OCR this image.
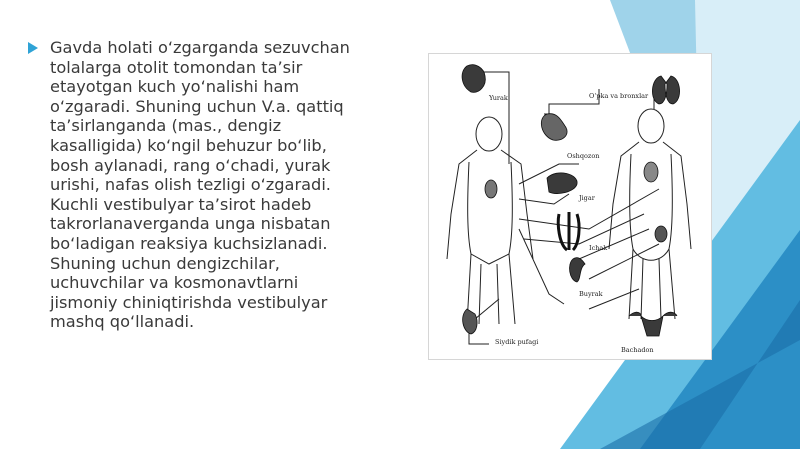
Gavda holati o‘zgarganda sezuvchan
tolalarga otolit tomondan ta’sir
etayotgan kuch yo‘nalishi ham
o‘zgaradi. Shuning uchun V.a. qattiq
ta’sirlanganda (mas., dengiz
kasalligida) ko‘ngil behuzur bo‘lib,
bosh aylanadi, rang o‘chadi, yurak
urishi, nafas olish tezligi o‘zgaradi.
Kuchli vestibulyar ta’sirot hadeb
takrorlanaverganda unga nisbatan
bo‘ladigan reaksiya kuchsizlanadi.
Shuning uchun dengizchilar,
uchuvchilar va kosmonavtlarni
jismoniy chiniqtirishda vestibulyar
mashq qo‘llanadi.
Yurak	O‘pka va bronxlar
Oshqozon
Jigar
Ichak
Buyrak
Siydik pufagi
Bachadon
